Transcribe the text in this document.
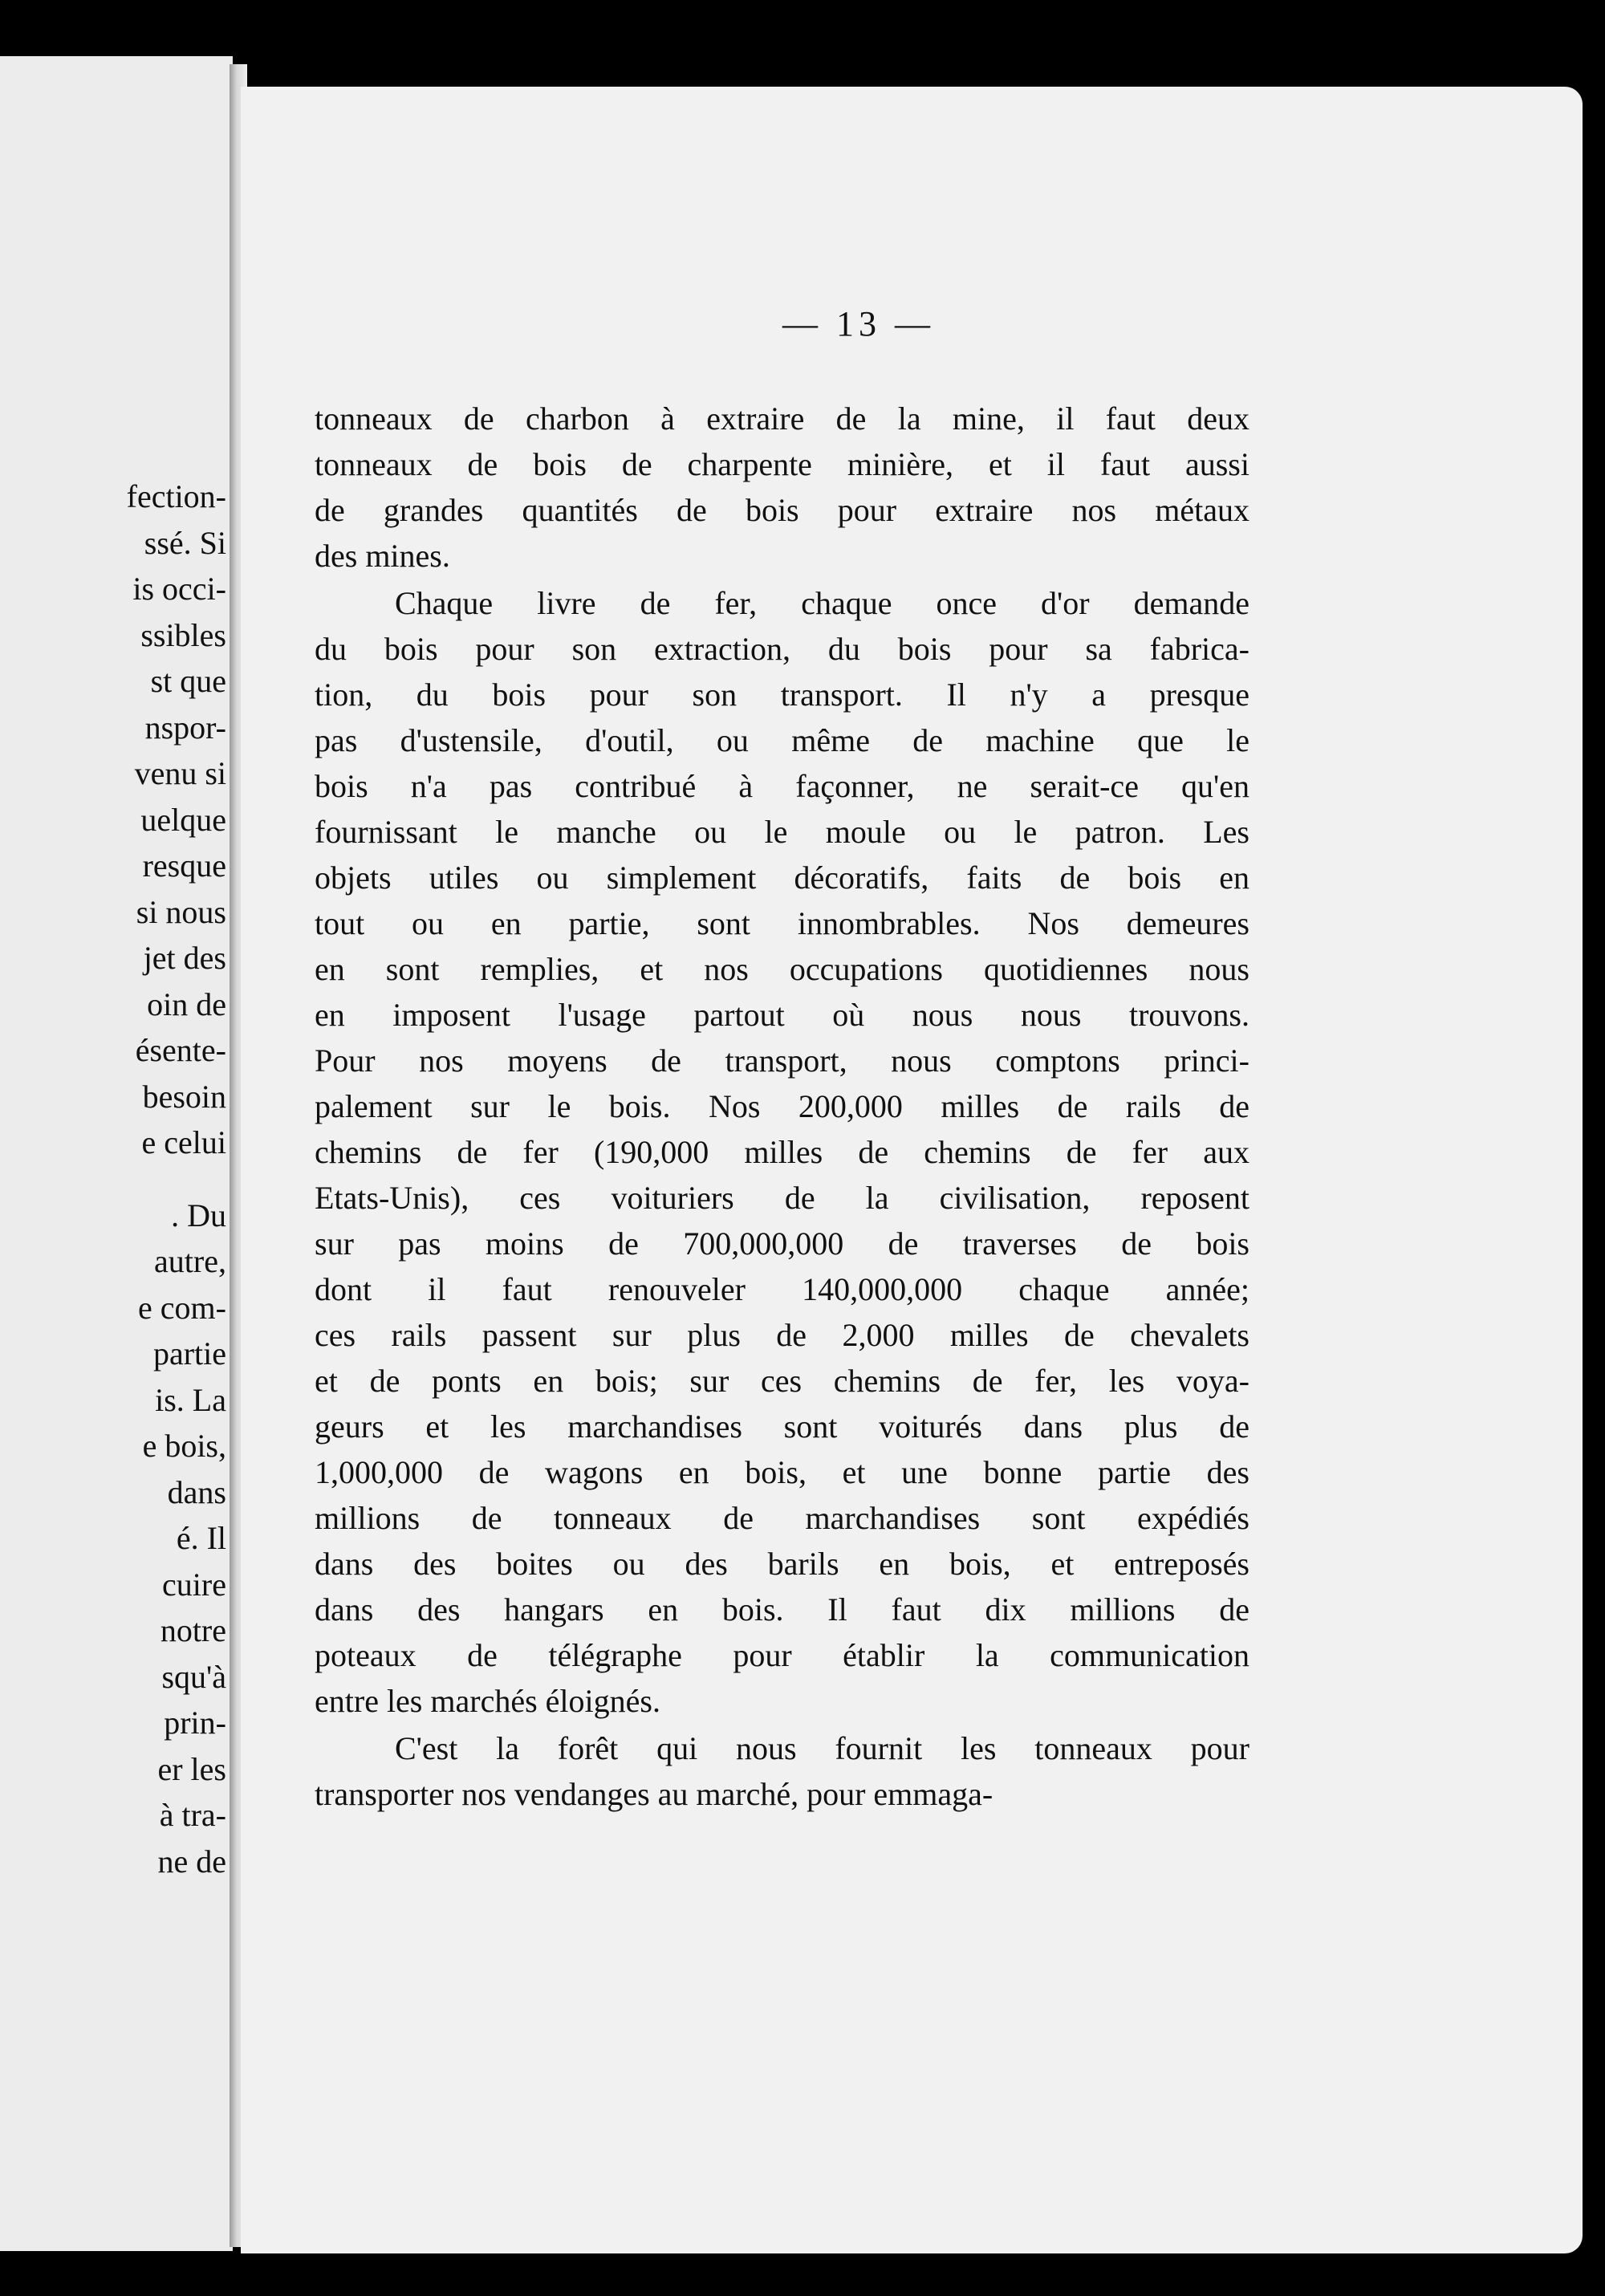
fection-
ssé. Si
is occi-
ssibles
st que
nspor-
venu si
uelque
resque
si nous
jet des
oin de
ésente-
besoin
e celui
. Du
autre,
e com-
partie
is. La
e bois,
dans
é. Il
cuire
notre
squ'à
prin-
er les
à tra-
ne de
— 13 —

tonneaux de charbon à extraire de la mine, il faut deux
tonneaux de bois de charpente minière, et il faut aussi
de grandes quantités de bois pour extraire nos métaux
des mines.

Chaque livre de fer, chaque once d'or demande
du bois pour son extraction, du bois pour sa fabrica-
tion, du bois pour son transport. Il n'y a presque
pas d'ustensile, d'outil, ou même de machine que le
bois n'a pas contribué à façonner, ne serait-ce qu'en
fournissant le manche ou le moule ou le patron. Les
objets utiles ou simplement décoratifs, faits de bois en
tout ou en partie, sont innombrables. Nos demeures
en sont remplies, et nos occupations quotidiennes nous
en imposent l'usage partout où nous nous trouvons.
Pour nos moyens de transport, nous comptons princi-
palement sur le bois. Nos 200,000 milles de rails de
chemins de fer (190,000 milles de chemins de fer aux
Etats-Unis), ces voituriers de la civilisation, reposent
sur pas moins de 700,000,000 de traverses de bois
dont il faut renouveler 140,000,000 chaque année;
ces rails passent sur plus de 2,000 milles de chevalets
et de ponts en bois; sur ces chemins de fer, les voya-
geurs et les marchandises sont voiturés dans plus de
1,000,000 de wagons en bois, et une bonne partie des
millions de tonneaux de marchandises sont expédiés
dans des boites ou des barils en bois, et entreposés
dans des hangars en bois. Il faut dix millions de
poteaux de télégraphe pour établir la communication
entre les marchés éloignés.

C'est la forêt qui nous fournit les tonneaux pour
transporter nos vendanges au marché, pour emmaga-
